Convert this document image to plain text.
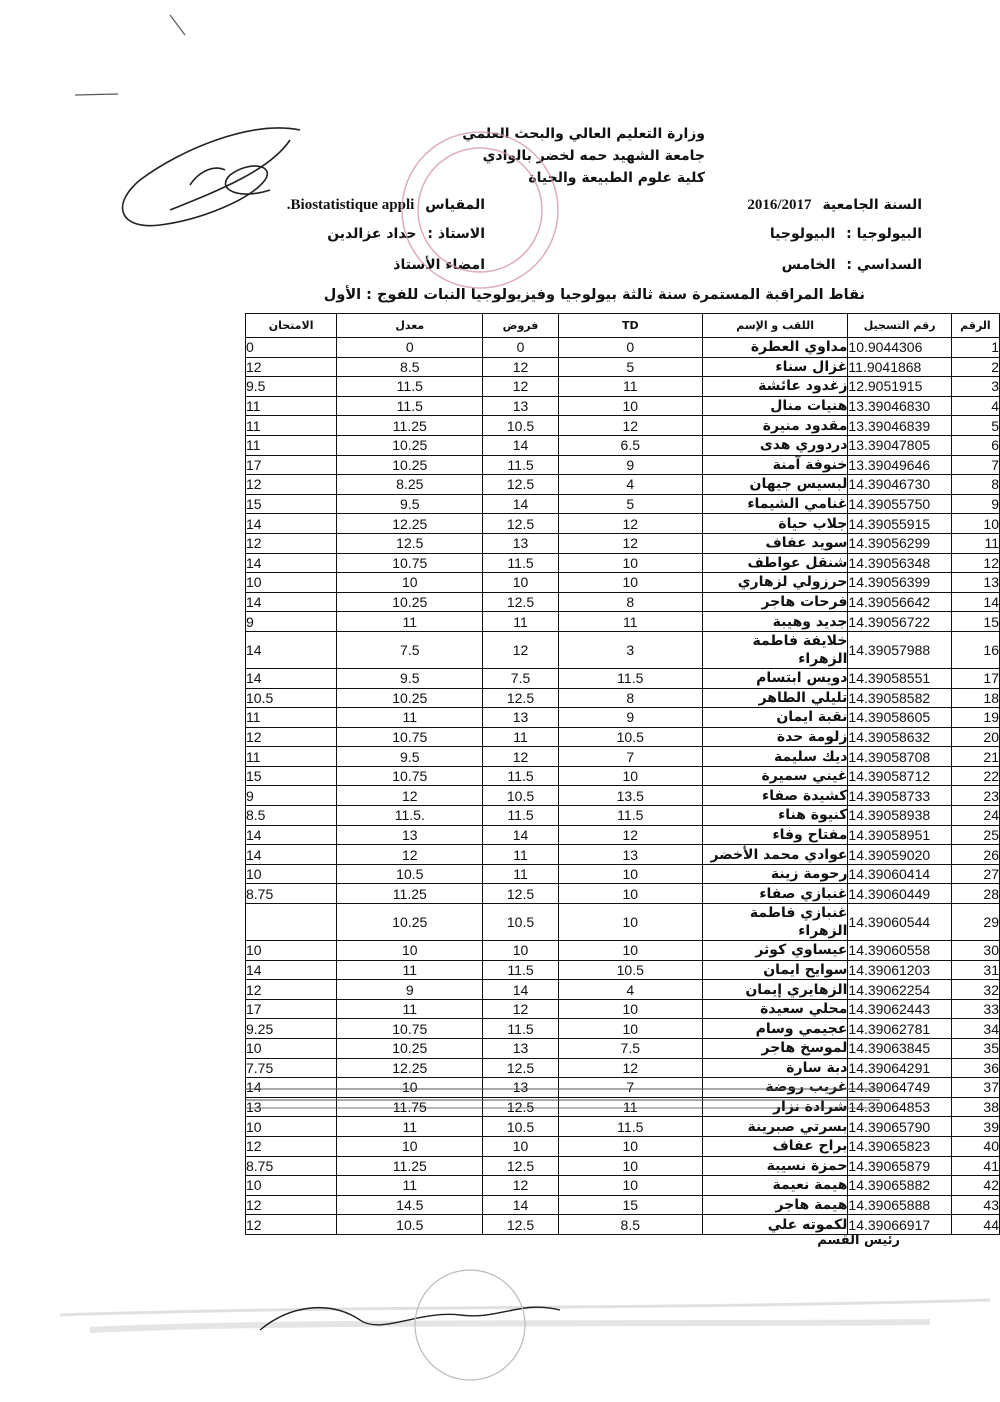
وزارة التعليم العالي والبحث العلمي
جامعة الشهيد حمه لخضر بالوادي
كلية علوم الطبيعة والحياة
السنة الجامعية 2016/2017
المقياس Biostatistique appli.
البيولوجيا : البيولوجيا
الاستاذ : حداد عزالدين
السداسي : الخامس
امضاء الأستاذ
نقاط المراقبة المستمرة سنة ثالثة بيولوجيا وفيزيولوجيا النبات للفوج : الأول
الرقم	رقم التسجيل	اللقب و الإسم	TD	فروض	معدل	الامتحان
1	10.9044306	مداوي العطرة	0	0	0	0
2	11.9041868	غزال سناء	5	12	8.5	12
3	12.9051915	زغدود عائشة	11	12	11.5	9.5
4	13.39046830	هنيات منال	10	13	11.5	11
5	13.39046839	مقدود منيرة	12	10.5	11.25	11
6	13.39047805	دردوري هدى	6.5	14	10.25	11
7	13.39049646	خنوفة آمنة	9	11.5	10.25	17
8	14.39046730	لبسيس جيهان	4	12.5	8.25	12
9	14.39055750	غنامي الشيماء	5	14	9.5	15
10	14.39055915	جلاب حياة	12	12.5	12.25	14
11	14.39056299	سويد عفاف	12	13	12.5	12
12	14.39056348	شنقل عواطف	10	11.5	10.75	14
13	14.39056399	حرزولي لزهاري	10	10	10	10
14	14.39056642	فرحات هاجر	8	12.5	10.25	14
15	14.39056722	جديد وهيبة	11	11	11	9
16	14.39057988	خلايفة فاطمة الزهراء	3	12	7.5	14
17	14.39058551	دويس ابتسام	11.5	7.5	9.5	14
18	14.39058582	تليلي الطاهر	8	12.5	10.25	10.5
19	14.39058605	نقبة ايمان	9	13	11	11
20	14.39058632	زلومة حدة	10.5	11	10.75	12
21	14.39058708	ديك سليمة	7	12	9.5	11
22	14.39058712	غيني سميرة	10	11.5	10.75	15
23	14.39058733	كشيدة صفاء	13.5	10.5	12	9
24	14.39058938	كنيوة هناء	11.5	11.5	.11.5	8.5
25	14.39058951	مفتاح وفاء	12	14	13	14
26	14.39059020	عوادي محمد الأخضر	13	11	12	14
27	14.39060414	رحومة زينة	10	11	10.5	10
28	14.39060449	غنبازي صفاء	10	12.5	11.25	8.75
29	14.39060544	غنبازي فاطمة الزهراء	10	10.5	10.25	
30	14.39060558	عيساوي كوثر	10	10	10	10
31	14.39061203	سوايح ايمان	10.5	11.5	11	14
32	14.39062254	الزهايري إيمان	4	14	9	12
33	14.39062443	محلي سعيدة	10	12	11	17
34	14.39062781	عجيمي وسام	10	11.5	10.75	9.25
35	14.39063845	لموسخ هاجر	7.5	13	10.25	10
36	14.39064291	دبة سارة	12	12.5	12.25	7.75
37	14.39064749	غريب روضة	7	13	10	14
38	14.39064853	شرادة نزار	11	12.5	11.75	13
39	14.39065790	بسرتي صبرينة	11.5	10.5	11	10
40	14.39065823	براح عفاف	10	10	10	12
41	14.39065879	حمزة نسيبة	10	12.5	11.25	8.75
42	14.39065882	هيمة نعيمة	10	12	11	10
43	14.39065888	هيمة هاجر	15	14	14.5	12
44	14.39066917	لكموته علي	8.5	12.5	10.5	12
رئيس القسم
